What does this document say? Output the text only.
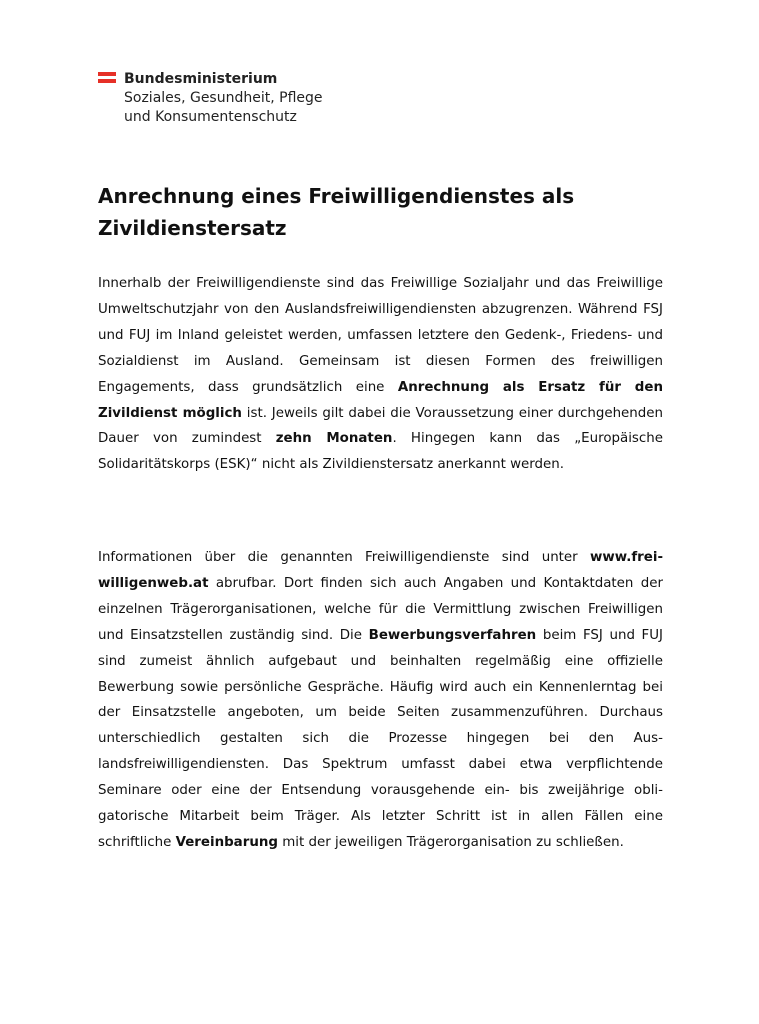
Bundesministerium
Soziales, Gesundheit, Pflege
und Konsumentenschutz
Anrechnung eines Freiwilligendienstes als Zivildienstersatz

Innerhalb der Freiwilligendienste sind das Freiwillige Sozialjahr und das Freiwillige Umweltschutzjahr von den Auslandsfreiwilligendiensten abzugrenzen. Während FSJ und FUJ im Inland geleistet werden, umfassen letztere den Gedenk-, Friedens- und Sozialdienst im Ausland. Gemeinsam ist diesen Formen des freiwilligen Engagements, dass grundsätzlich eine Anrechnung als Ersatz für den Zivildienst möglich ist. Jeweils gilt dabei die Voraussetzung einer durchgehenden Dauer von zumindest zehn Monaten. Hingegen kann das „Europäische Solidaritätskorps (ESK)“ nicht als Zivildienstersatz anerkannt werden.

Informationen über die genannten Freiwilligendienste sind unter www.freiwilligenweb.at abrufbar. Dort finden sich auch Angaben und Kontaktdaten der einzelnen Trägerorganisationen, welche für die Vermittlung zwischen Freiwilligen und Einsatzstellen zuständig sind. Die Bewerbungsverfahren beim FSJ und FUJ sind zumeist ähnlich aufgebaut und beinhalten regelmäßig eine offizielle Bewerbung sowie persönliche Gespräche. Häufig wird auch ein Kennenlerntag bei der Einsatzstelle angeboten, um beide Seiten zusammenzuführen. Durchaus unterschiedlich gestalten sich die Prozesse hingegen bei den Auslandsfreiwilligendiensten. Das Spektrum umfasst dabei etwa verpflichtende Seminare oder eine der Entsendung vorausgehende ein- bis zweijährige obligatorische Mitarbeit beim Träger. Als letzter Schritt ist in allen Fällen eine schriftliche Vereinbarung mit der jeweiligen Trägerorganisation zu schließen.
